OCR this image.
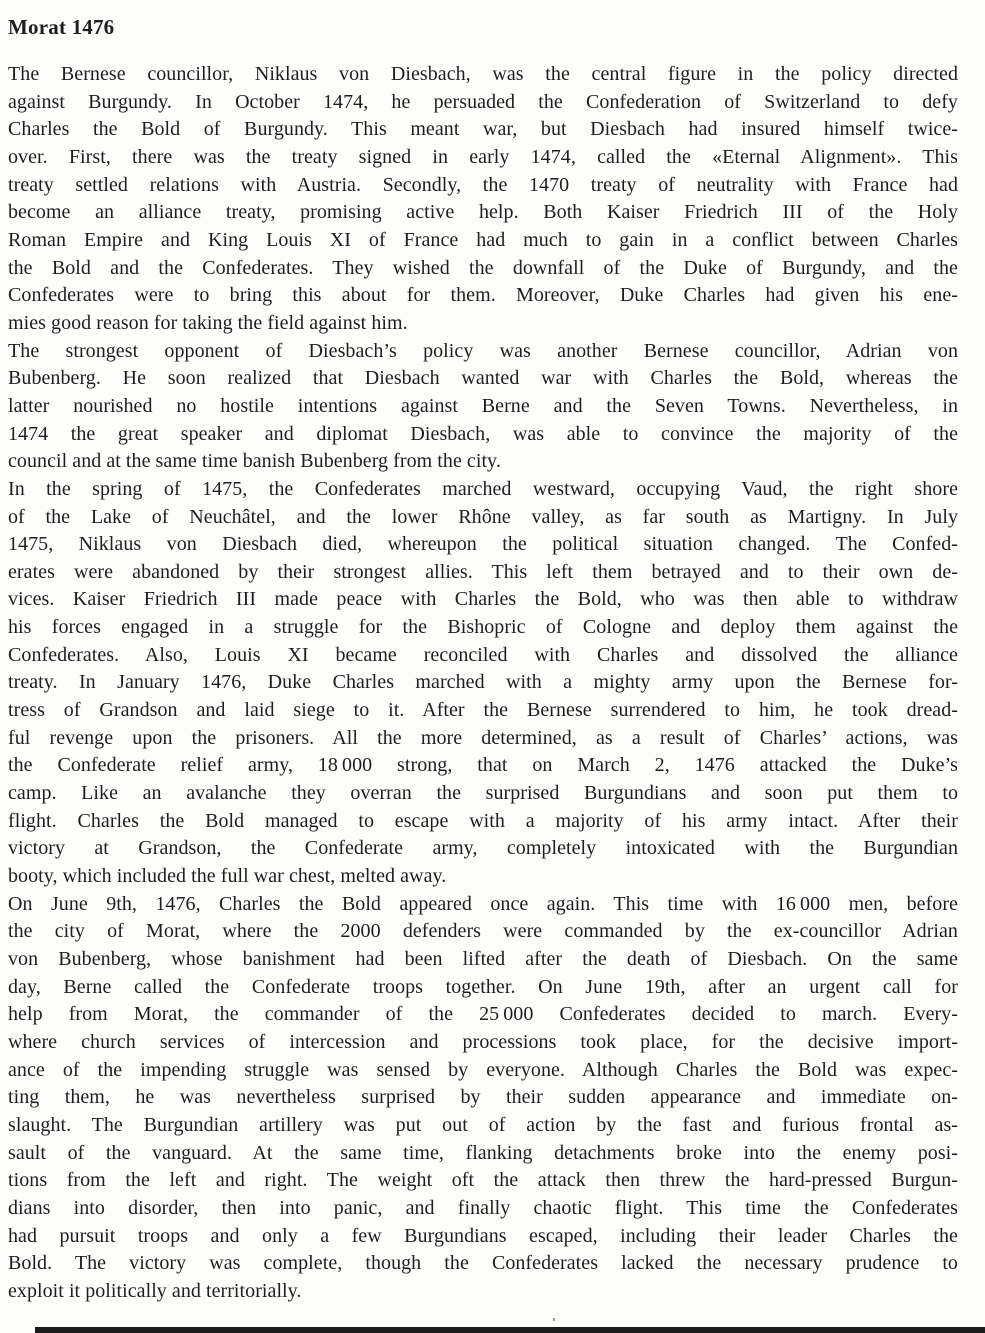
Morat 1476
The Bernese councillor, Niklaus von Diesbach, was the central figure in the policy directed
against Burgundy. In October 1474, he persuaded the Confederation of Switzerland to defy
Charles the Bold of Burgundy. This meant war, but Diesbach had insured himself twice-
over. First, there was the treaty signed in early 1474, called the «Eternal Alignment». This
treaty settled relations with Austria. Secondly, the 1470 treaty of neutrality with France had
become an alliance treaty, promising active help. Both Kaiser Friedrich III of the Holy
Roman Empire and King Louis XI of France had much to gain in a conflict between Charles
the Bold and the Confederates. They wished the downfall of the Duke of Burgundy, and the
Confederates were to bring this about for them. Moreover, Duke Charles had given his ene-
mies good reason for taking the field against him.
The strongest opponent of Diesbach’s policy was another Bernese councillor, Adrian von
Bubenberg. He soon realized that Diesbach wanted war with Charles the Bold, whereas the
latter nourished no hostile intentions against Berne and the Seven Towns. Nevertheless, in
1474 the great speaker and diplomat Diesbach, was able to convince the majority of the
council and at the same time banish Bubenberg from the city.
In the spring of 1475, the Confederates marched westward, occupying Vaud, the right shore
of the Lake of Neuchâtel, and the lower Rhône valley, as far south as Martigny. In July
1475, Niklaus von Diesbach died, whereupon the political situation changed. The Confed-
erates were abandoned by their strongest allies. This left them betrayed and to their own de-
vices. Kaiser Friedrich III made peace with Charles the Bold, who was then able to withdraw
his forces engaged in a struggle for the Bishopric of Cologne and deploy them against the
Confederates. Also, Louis XI became reconciled with Charles and dissolved the alliance
treaty. In January 1476, Duke Charles marched with a mighty army upon the Bernese for-
tress of Grandson and laid siege to it. After the Bernese surrendered to him, he took dread-
ful revenge upon the prisoners. All the more determined, as a result of Charles’ actions, was
the Confederate relief army, 18 000 strong, that on March 2, 1476 attacked the Duke’s
camp. Like an avalanche they overran the surprised Burgundians and soon put them to
flight. Charles the Bold managed to escape with a majority of his army intact. After their
victory at Grandson, the Confederate army, completely intoxicated with the Burgundian
booty, which included the full war chest, melted away.
On June 9th, 1476, Charles the Bold appeared once again. This time with 16 000 men, before
the city of Morat, where the 2000 defenders were commanded by the ex-councillor Adrian
von Bubenberg, whose banishment had been lifted after the death of Diesbach. On the same
day, Berne called the Confederate troops together. On June 19th, after an urgent call for
help from Morat, the commander of the 25 000 Confederates decided to march. Every-
where church services of intercession and processions took place, for the decisive import-
ance of the impending struggle was sensed by everyone. Although Charles the Bold was expec-
ting them, he was nevertheless surprised by their sudden appearance and immediate on-
slaught. The Burgundian artillery was put out of action by the fast and furious frontal as-
sault of the vanguard. At the same time, flanking detachments broke into the enemy posi-
tions from the left and right. The weight oft the attack then threw the hard-pressed Burgun-
dians into disorder, then into panic, and finally chaotic flight. This time the Confederates
had pursuit troops and only a few Burgundians escaped, including their leader Charles the
Bold. The victory was complete, though the Confederates lacked the necessary prudence to
exploit it politically and territorially.
